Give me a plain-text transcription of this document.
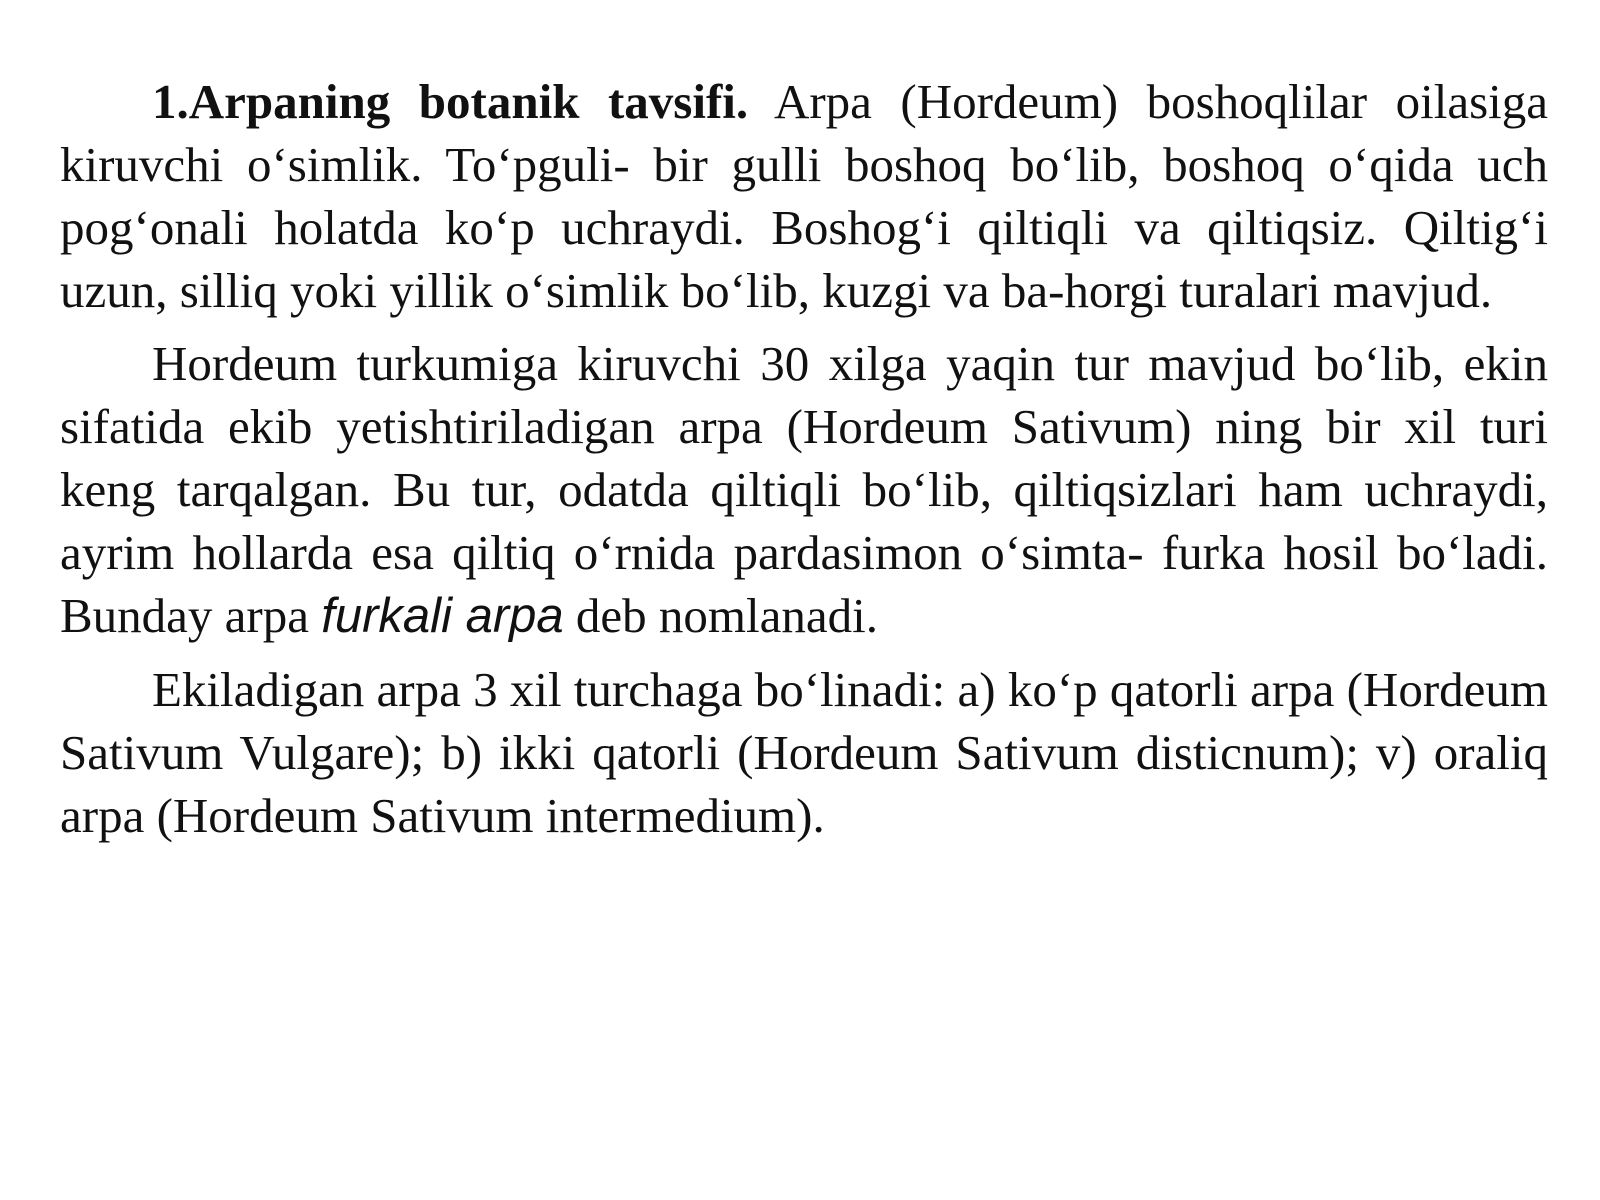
1.Arpaning botanik tavsifi. Arpa (Hordeum) boshoqlilar oilasiga kiruvchi o‘simlik. To‘pguli- bir gulli boshoq bo‘lib, boshoq o‘qida uch pog‘onali holatda ko‘p uchraydi. Boshog‘i qiltiqli va qiltiqsiz. Qiltig‘i uzun, silliq yoki yillik o‘simlik bo‘lib, kuzgi va ba-horgi turalari mavjud.

Hordeum turkumiga kiruvchi 30 xilga yaqin tur mavjud bo‘lib, ekin sifatida ekib yetishtiriladigan arpa (Hordeum Sativum) ning bir xil turi keng tarqalgan. Bu tur, odatda qiltiqli bo‘lib, qiltiqsizlari ham uchraydi, ayrim hollarda esa qiltiq o‘rnida pardasimon o‘simta- furka hosil bo‘ladi. Bunday arpa furkali arpa deb nomlanadi.

Ekiladigan arpa 3 xil turchaga bo‘linadi: a) ko‘p qatorli arpa (Hordeum Sativum Vulgare); b) ikki qatorli (Hordeum Sativum disticnum); v) oraliq arpa (Hordeum Sativum intermedium).
